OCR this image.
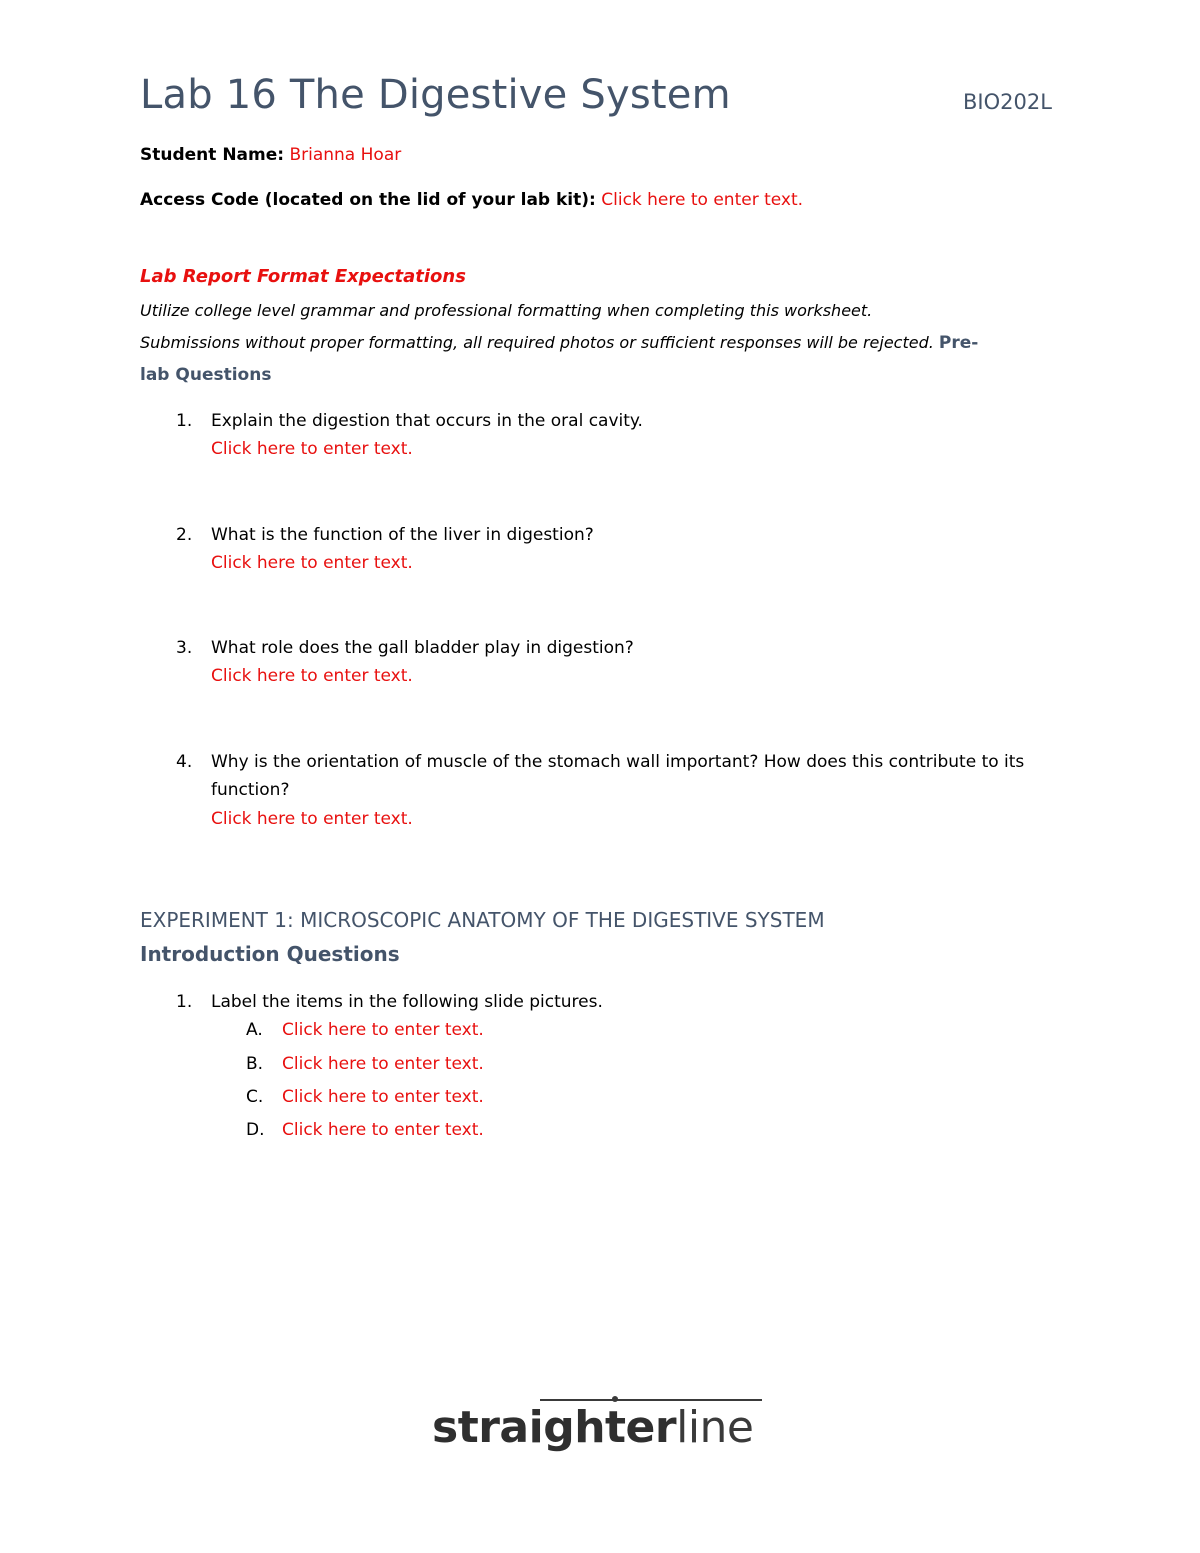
Lab 16 The Digestive System	BIO202L
Student Name: Brianna Hoar
Access Code (located on the lid of your lab kit): Click here to enter text.
Lab Report Format Expectations
Utilize college level grammar and professional formatting when completing this worksheet.
Submissions without proper formatting, all required photos or sufficient responses will be rejected. Pre-
lab Questions
1. Explain the digestion that occurs in the oral cavity.
Click here to enter text.
2. What is the function of the liver in digestion?
Click here to enter text.
3. What role does the gall bladder play in digestion?
Click here to enter text.
4. Why is the orientation of muscle of the stomach wall important? How does this contribute to its
function?
Click here to enter text.
EXPERIMENT 1: MICROSCOPIC ANATOMY OF THE DIGESTIVE SYSTEM
Introduction Questions
1. Label the items in the following slide pictures.
A. Click here to enter text.
B. Click here to enter text.
C. Click here to enter text.
D. Click here to enter text.
straighterline
